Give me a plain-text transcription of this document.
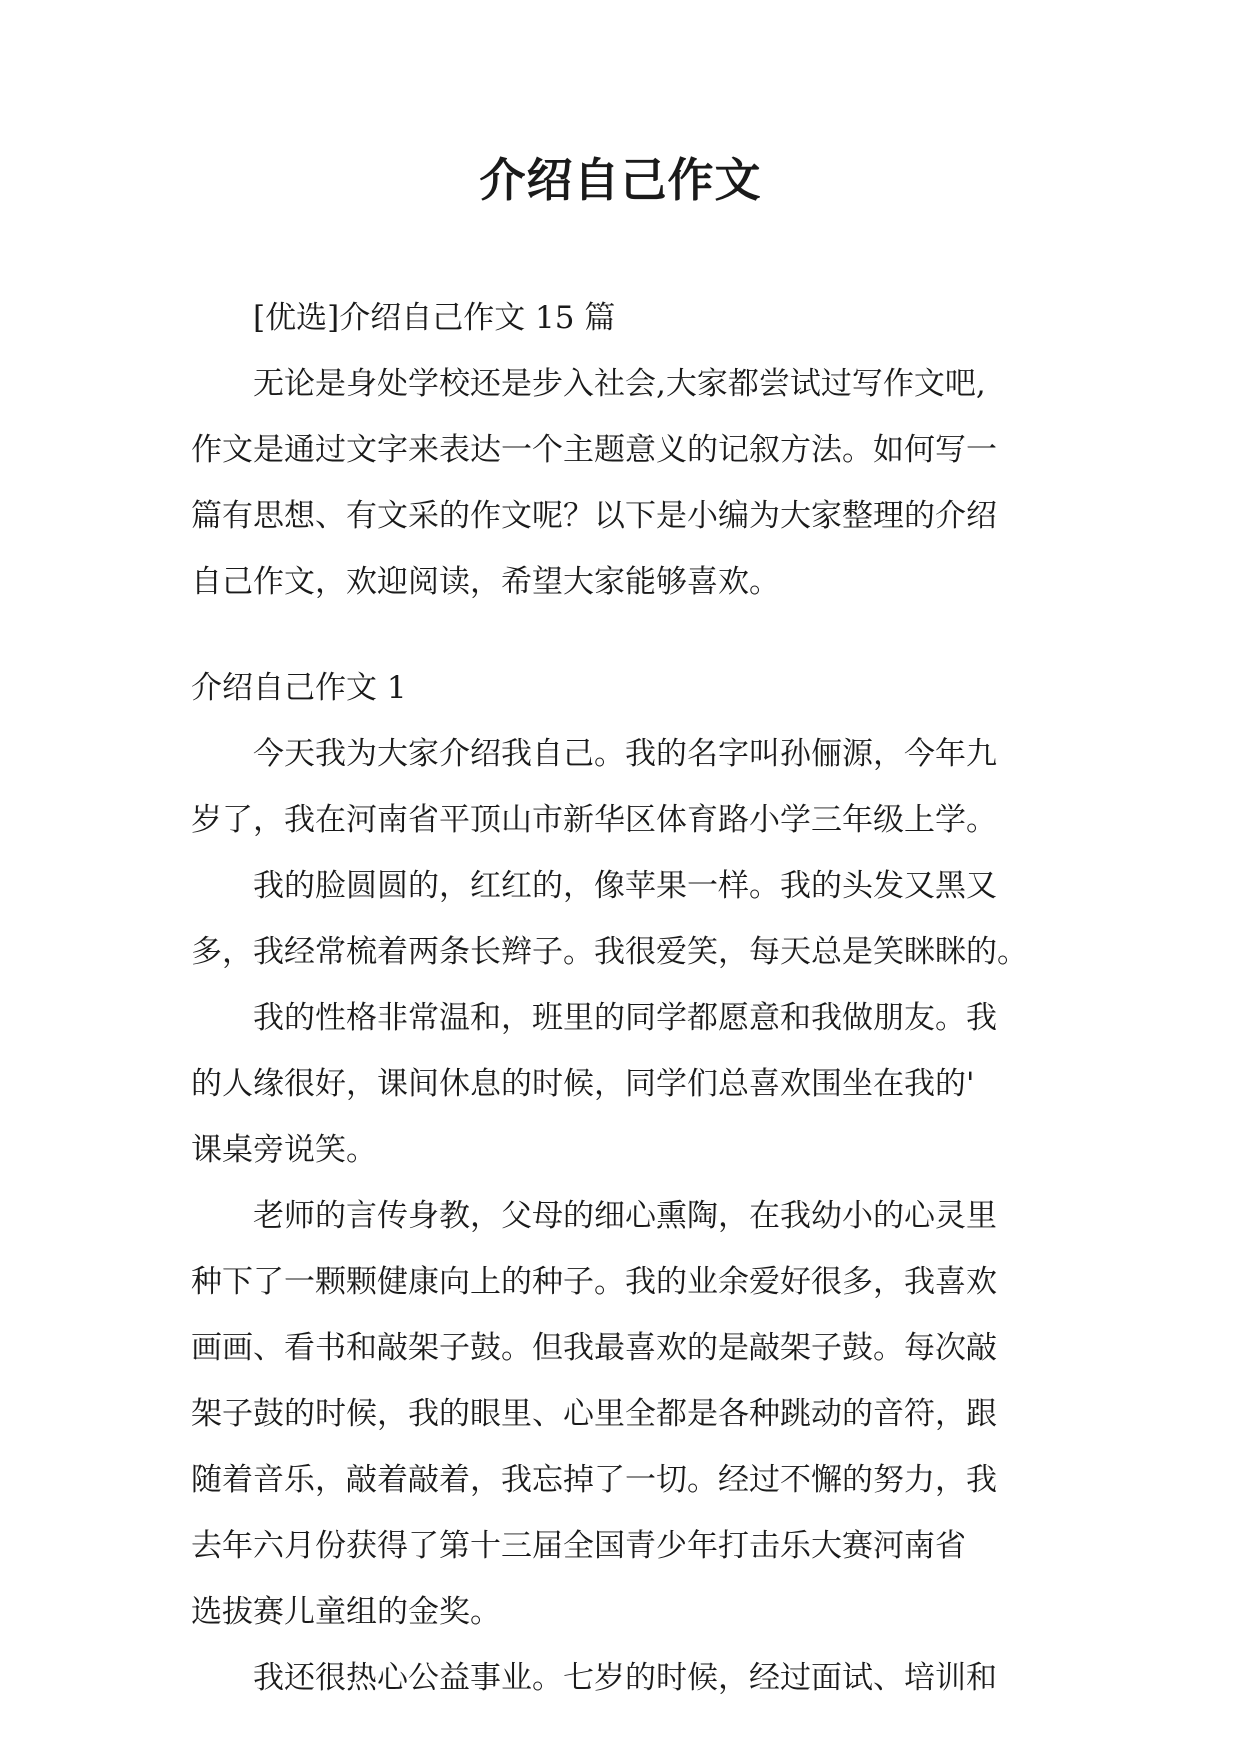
介绍自己作文

[优选]介绍自己作文 15 篇

无论是身处学校还是步入社会,大家都尝试过写作文吧,

作文是通过文字来表达一个主题意义的记叙方法。如何写一

篇有思想、有文采的作文呢？以下是小编为大家整理的介绍

自己作文，欢迎阅读，希望大家能够喜欢。

介绍自己作文 1

今天我为大家介绍我自己。我的名字叫孙俪源，今年九

岁了，我在河南省平顶山市新华区体育路小学三年级上学。

我的脸圆圆的，红红的，像苹果一样。我的头发又黑又

多，我经常梳着两条长辫子。我很爱笑，每天总是笑眯眯的。

我的性格非常温和，班里的同学都愿意和我做朋友。我

的人缘很好，课间休息的时候，同学们总喜欢围坐在我的'

课桌旁说笑。

老师的言传身教，父母的细心熏陶，在我幼小的心灵里

种下了一颗颗健康向上的种子。我的业余爱好很多，我喜欢

画画、看书和敲架子鼓。但我最喜欢的是敲架子鼓。每次敲

架子鼓的时候，我的眼里、心里全都是各种跳动的音符，跟

随着音乐，敲着敲着，我忘掉了一切。经过不懈的努力，我

去年六月份获得了第十三届全国青少年打击乐大赛河南省

选拔赛儿童组的金奖。

我还很热心公益事业。七岁的时候，经过面试、培训和
